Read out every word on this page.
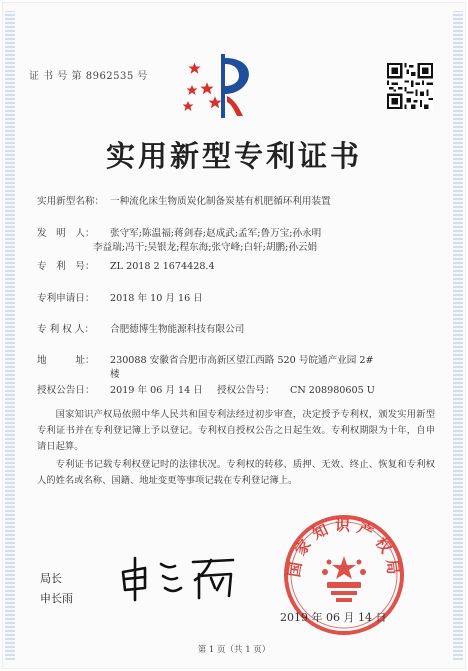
证 书 号 第 8962535 号
实用新型专利证书
实用新型名称： 一种流化床生物质炭化制备炭基有机肥循环利用装置
发　明　人： 张守军;陈温福;蒋剑春;赵成武;孟军;鲁万宝;孙永明
李益瑞;冯干;吴银龙;程东海;张守峰;白轩;胡鹏;孙云娟
专　利　号： ZL 2018 2 1674428.4
专利申请日： 2018 年 10 月 16 日
专 利 权 人： 合肥德博生物能源科技有限公司
地　　　址： 230088 安徽省合肥市高新区望江西路 520 号皖通产业园 2#
楼
授权公告日： 2019 年 06 月 14 日 授权公告号： CN 208980605 U
国家知识产权局依照中华人民共和国专利法经过初步审查，决定授予专利权，颁发实用新型专利证书并在专利登记簿上予以登记。专利权自授权公告之日起生效。专利权期限为十年，自申请日起算。
专利证书记载专利权登记时的法律状况。专利权的转移、质押、无效、终止、恢复和专利权人的姓名或名称、国籍、地址变更等事项记载在专利登记簿上。
局长
申长雨
国家知识产权局
2019 年 06 月 14 日
第 1 页（共 1 页）
